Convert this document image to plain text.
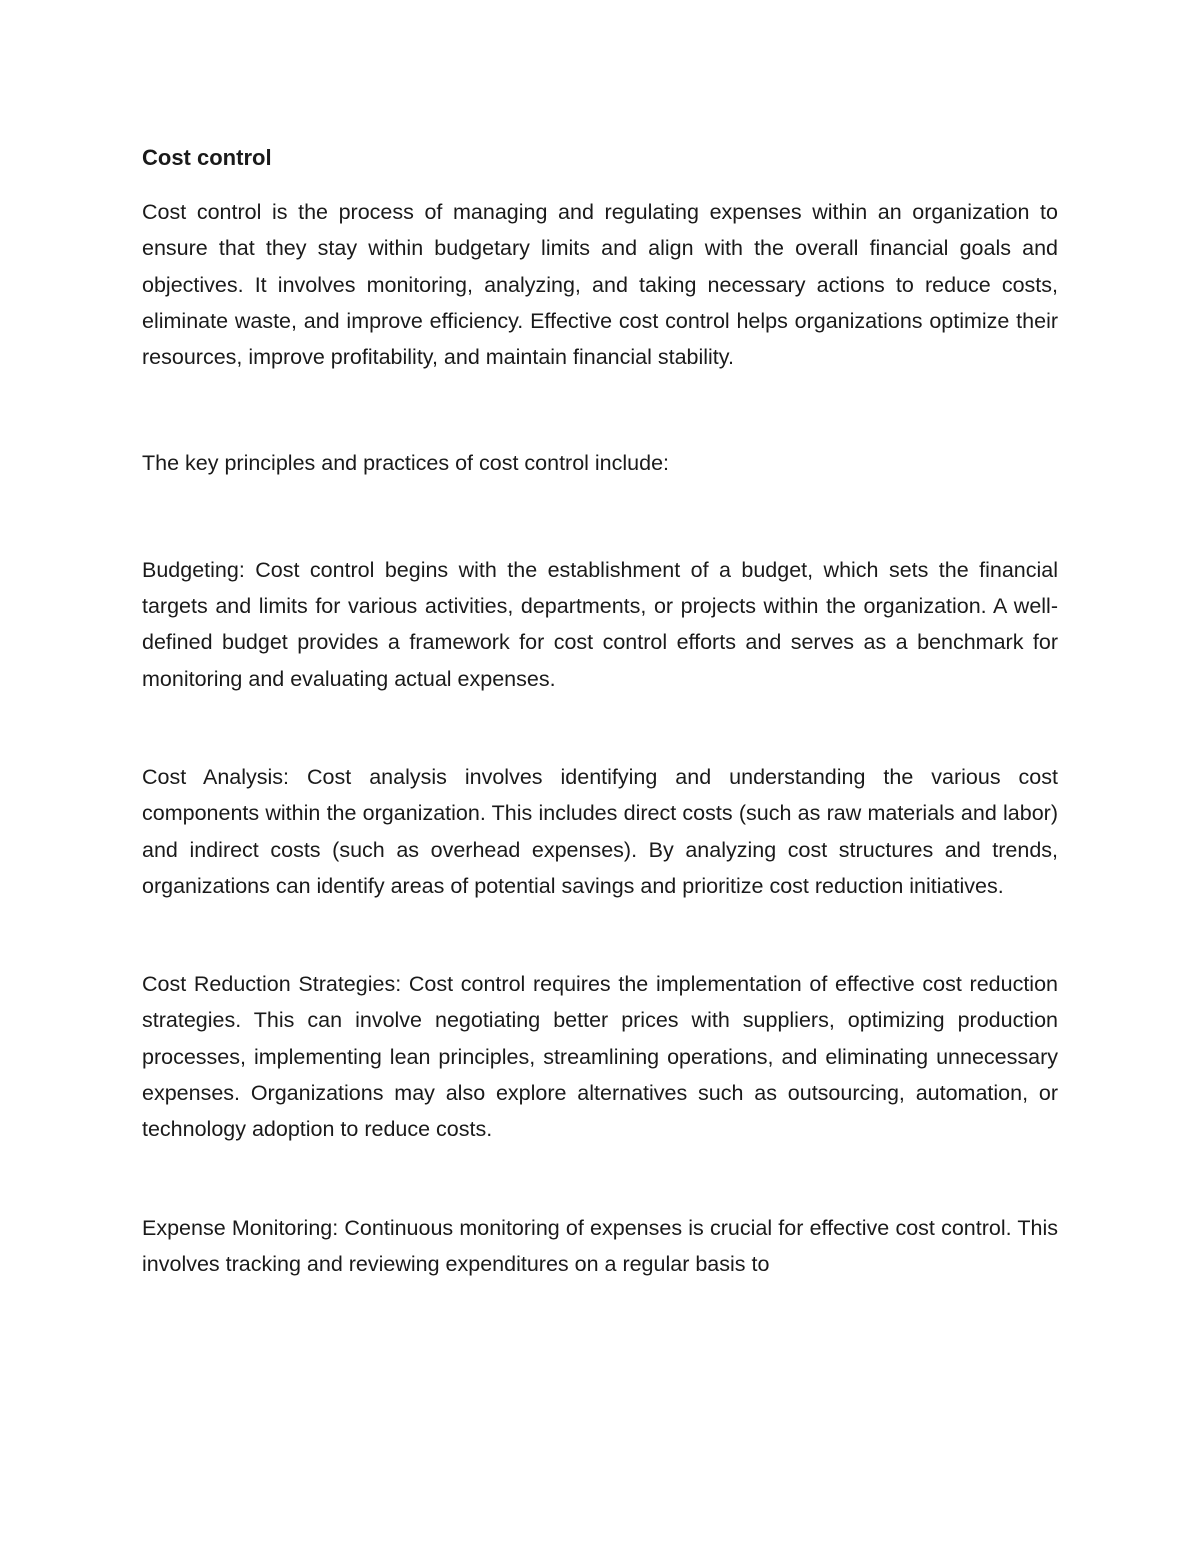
Cost control

Cost control is the process of managing and regulating expenses within an organization to ensure that they stay within budgetary limits and align with the overall financial goals and objectives. It involves monitoring, analyzing, and taking necessary actions to reduce costs, eliminate waste, and improve efficiency. Effective cost control helps organizations optimize their resources, improve profitability, and maintain financial stability.

The key principles and practices of cost control include:

Budgeting: Cost control begins with the establishment of a budget, which sets the financial targets and limits for various activities, departments, or projects within the organization. A well-defined budget provides a framework for cost control efforts and serves as a benchmark for monitoring and evaluating actual expenses.

Cost Analysis: Cost analysis involves identifying and understanding the various cost components within the organization. This includes direct costs (such as raw materials and labor) and indirect costs (such as overhead expenses). By analyzing cost structures and trends, organizations can identify areas of potential savings and prioritize cost reduction initiatives.

Cost Reduction Strategies: Cost control requires the implementation of effective cost reduction strategies. This can involve negotiating better prices with suppliers, optimizing production processes, implementing lean principles, streamlining operations, and eliminating unnecessary expenses. Organizations may also explore alternatives such as outsourcing, automation, or technology adoption to reduce costs.

Expense Monitoring: Continuous monitoring of expenses is crucial for effective cost control. This involves tracking and reviewing expenditures on a regular basis to
